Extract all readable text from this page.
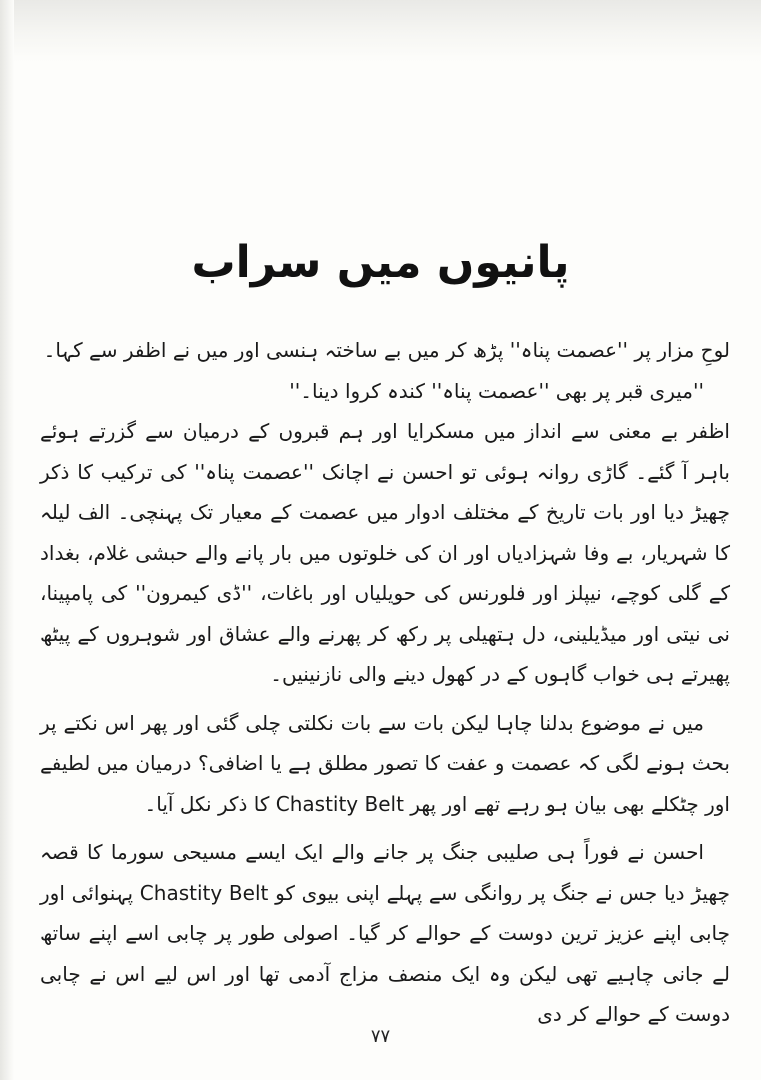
پانیوں میں سراب

لوحِ مزار پر ''عصمت پناہ'' پڑھ کر میں بے ساختہ ہنسی اور میں نے اظفر سے کہا۔

''میری قبر پر بھی ''عصمت پناہ'' کندہ کروا دینا۔''

اظفر بے معنی سے انداز میں مسکرایا اور ہم قبروں کے درمیان سے گزرتے ہوئے باہر آ گئے۔ گاڑی روانہ ہوئی تو احسن نے اچانک ''عصمت پناہ'' کی ترکیب کا ذکر چھیڑ دیا اور بات تاریخ کے مختلف ادوار میں عصمت کے معیار تک پہنچی۔ الف لیلہ کا شہریار، بے وفا شہزادیاں اور ان کی خلوتوں میں بار پانے والے حبشی غلام، بغداد کے گلی کوچے، نیپلز اور فلورنس کی حویلیاں اور باغات، ''ڈی کیمرون'' کی پامپینا، نی نیتی اور میڈیلینی، دل ہتھیلی پر رکھ کر پھرنے والے عشاق اور شوہروں کے پیٹھ پھیرتے ہی خواب گاہوں کے در کھول دینے والی نازنینیں۔

میں نے موضوع بدلنا چاہا لیکن بات سے بات نکلتی چلی گئی اور پھر اس نکتے پر بحث ہونے لگی کہ عصمت و عفت کا تصور مطلق ہے یا اضافی؟ درمیان میں لطیفے اور چٹکلے بھی بیان ہو رہے تھے اور پھر Chastity Belt کا ذکر نکل آیا۔

احسن نے فوراً ہی صلیبی جنگ پر جانے والے ایک ایسے مسیحی سورما کا قصہ چھیڑ دیا جس نے جنگ پر روانگی سے پہلے اپنی بیوی کو Chastity Belt پہنوائی اور چابی اپنے عزیز ترین دوست کے حوالے کر گیا۔ اصولی طور پر چابی اسے اپنے ساتھ لے جانی چاہیے تھی لیکن وہ ایک منصف مزاج آدمی تھا اور اس لیے اس نے چابی دوست کے حوالے کر دی

۷۷
